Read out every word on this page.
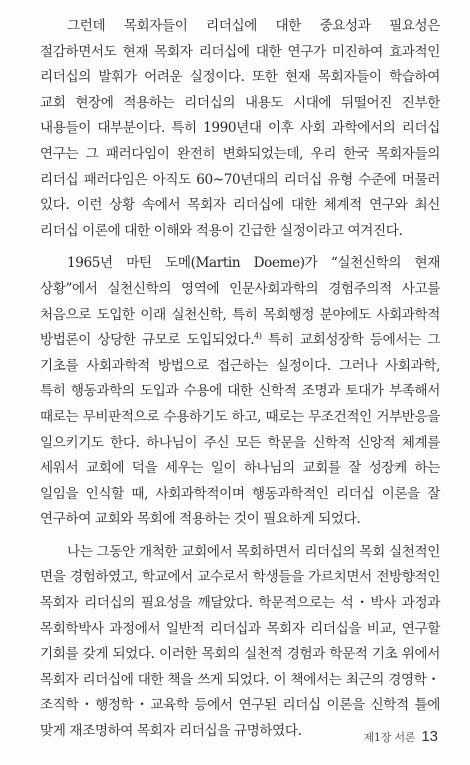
그런데 목회자들이 리더십에 대한 중요성과 필요성은 절감하면서도 현재 목회자 리더십에 대한 연구가 미진하여 효과적인 리더십의 발휘가 어려운 실정이다. 또한 현재 목회자들이 학습하여 교회 현장에 적용하는 리더십의 내용도 시대에 뒤떨어진 진부한 내용들이 대부분이다. 특히 1990년대 이후 사회 과학에서의 리더십 연구는 그 패러다임이 완전히 변화되었는데, 우리 한국 목회자들의 리더십 패러다임은 아직도 60~70년대의 리더십 유형 수준에 머물러 있다. 이런 상황 속에서 목회자 리더십에 대한 체계적 연구와 최신 리더십 이론에 대한 이해와 적용이 긴급한 실정이라고 여겨진다.

1965년 마틴 도메(Martin Doeme)가 “실천신학의 현재 상황”에서 실천신학의 영역에 인문사회과학의 경험주의적 사고를 처음으로 도입한 이래 실천신학, 특히 목회행정 분야에도 사회과학적 방법론이 상당한 규모로 도입되었다.$^{4)}$ 특히 교회성장학 등에서는 그 기초를 사회과학적 방법으로 접근하는 실정이다. 그러나 사회과학, 특히 행동과학의 도입과 수용에 대한 신학적 조명과 토대가 부족해서 때로는 무비판적으로 수용하기도 하고, 때로는 무조건적인 거부반응을 일으키기도 한다. 하나님이 주신 모든 학문을 신학적 신앙적 체계를 세워서 교회에 덕을 세우는 일이 하나님의 교회를 잘 성장케 하는 일임을 인식할 때, 사회과학적이며 행동과학적인 리더십 이론을 잘 연구하여 교회와 목회에 적용하는 것이 필요하게 되었다.

나는 그동안 개척한 교회에서 목회하면서 리더십의 목회 실천적인 면을 경험하였고, 학교에서 교수로서 학생들을 가르치면서 전방향적인 목회자 리더십의 필요성을 깨달았다. 학문적으로는 석・박사 과정과 목회학박사 과정에서 일반적 리더십과 목회자 리더십을 비교, 연구할 기회를 갖게 되었다. 이러한 목회의 실천적 경험과 학문적 기초 위에서 목회자 리더십에 대한 책을 쓰게 되었다. 이 책에서는 최근의 경영학・조직학・행정학・교육학 등에서 연구된 리더십 이론을 신학적 틀에 맞게 재조명하여 목회자 리더십을 규명하였다.	제1장 서론 13
